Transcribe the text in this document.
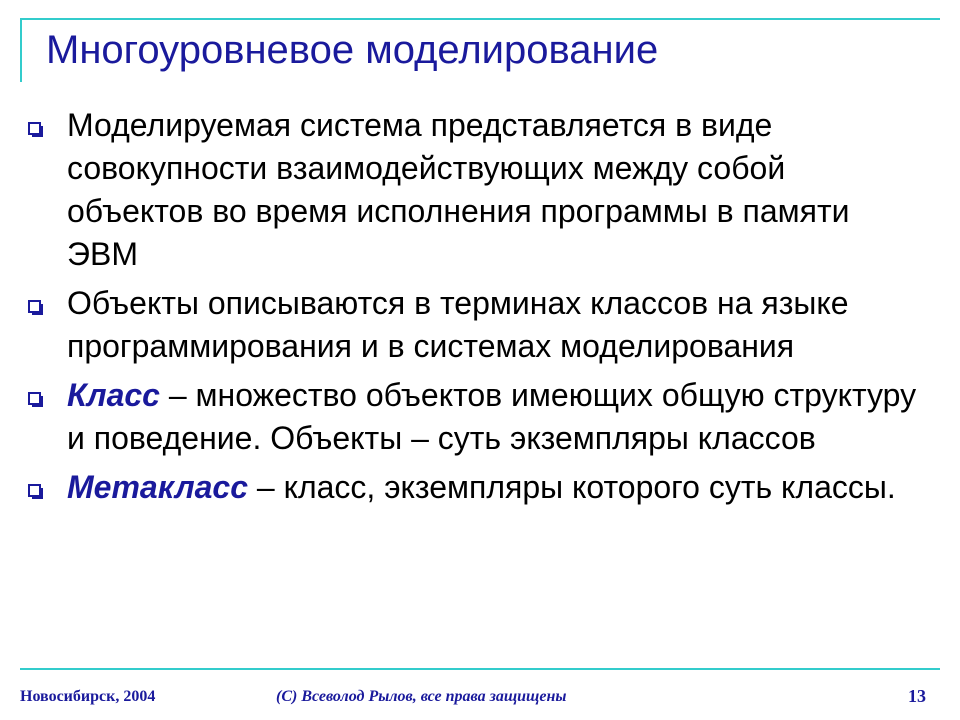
Многоуровневое моделирование
Моделируемая система представляется в виде совокупности взаимодействующих между собой объектов во время исполнения программы в памяти ЭВМ
Объекты описываются в терминах классов на языке программирования и в системах моделирования
Класс – множество объектов имеющих общую структуру и поведение. Объекты – суть экземпляры классов
Метакласс – класс, экземпляры которого суть классы.
Новосибирск, 2004	(C) Всеволод Рылов, все права защищены	13
